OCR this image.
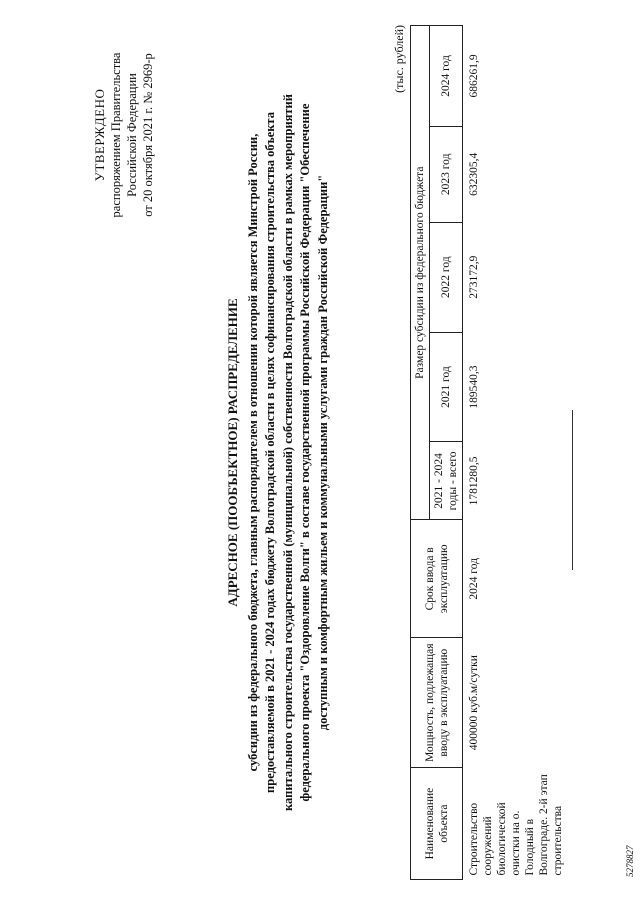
УТВЕРЖДЕНО распоряжением Правительства Российской Федерации от 20 октября 2021 г. № 2969-р
АДРЕСНОЕ (ПООБЪЕКТНОЕ) РАСПРЕДЕЛЕНИЕ субсидии из федерального бюджета, главным распорядителем в отношении которой является Минстрой России, предоставляемой в 2021 - 2024 годах бюджету Волгоградской области в целях софинансирования строительства объекта капитального строительства государственной (муниципальной) собственности Волгоградской области в рамках мероприятий федерального проекта "Оздоровление Волги" в составе государственной программы Российской Федерации "Обеспечение доступным и комфортным жильем и коммунальными услугами граждан Российской Федерации"
(тыс. рублей)
Наименование объекта	Мощность, подлежащая вводу в эксплуатацию	Срок ввода в эксплуатацию	Размер субсидии из федерального бюджета				
			2021 - 2024 годы - всего	2021 год	2022 год	2023 год	2024 год
Строительство сооружений биологической очистки на о. Голодный в Волгограде. 2-й этап строительства	400000 куб.м/сутки	2024 год	1781280,5	189540,3	273172,9	632305,4	686261,9
5278827
